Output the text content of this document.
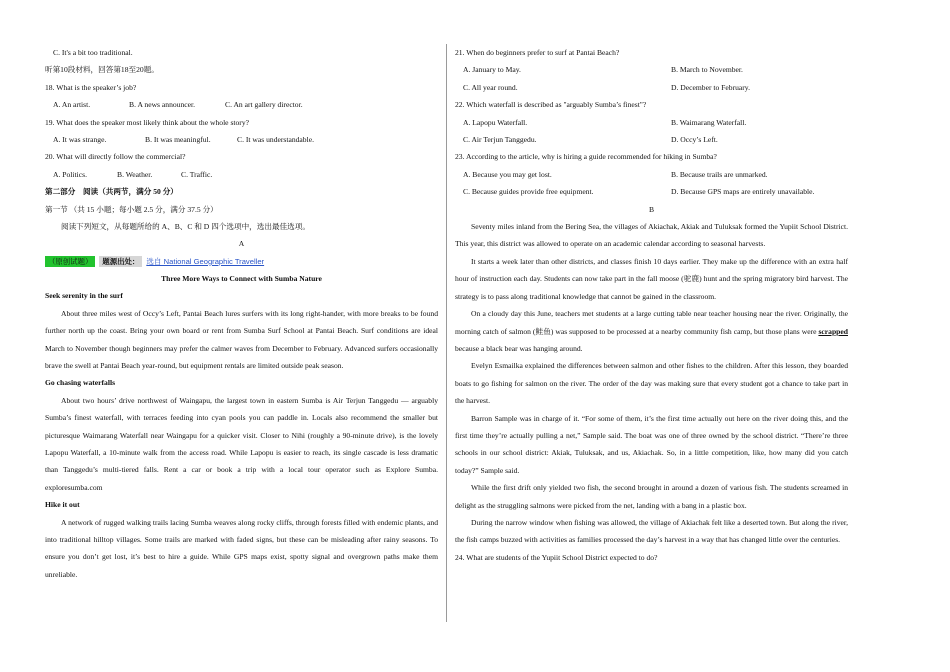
C. It's a bit too traditional.
听第10段材料，回答第18至20题。
18. What is the speaker’s job?
A. An artist.	B. A news announcer.	C. An art gallery director.
19. What does the speaker most likely think about the whole story?
A. It was strange.	B. It was meaningful.	C. It was understandable.
20. What will directly follow the commercial?
A. Politics.	B. Weather.	C. Traffic.
第二部分　阅读（共两节，满分 50 分）
第一节 （共 15 小题；每小题 2.5 分，满分 37.5 分）
阅读下列短文，从每题所给的 A、B、C 和 D 四个选项中，选出最佳选项。
A
（原创试题）	题源出处： 选自 National Geographic Traveller
Three More Ways to Connect with Sumba Nature
Seek serenity in the surf
About three miles west of Occy’s Left, Pantai Beach lures surfers with its long right-hander, with more breaks to be found further north up the coast. Bring your own board or rent from Sumba Surf School at Pantai Beach. Surf conditions are ideal March to November though beginners may prefer the calmer waves from December to February. Advanced surfers occasionally brave the swell at Pantai Beach year-round, but equipment rentals are limited outside peak season.
Go chasing waterfalls
About two hours’ drive northwest of Waingapu, the largest town in eastern Sumba is Air Terjun Tanggedu — arguably Sumba’s finest waterfall, with terraces feeding into cyan pools you can paddle in. Locals also recommend the smaller but picturesque Waimarang Waterfall near Waingapu for a quicker visit. Closer to Nihi (roughly a 90-minute drive), is the lovely Lapopu Waterfall, a 10-minute walk from the access road. While Lapopu is easier to reach, its single cascade is less dramatic than Tanggedu’s multi-tiered falls. Rent a car or book a trip with a local tour operator such as Explore Sumba. exploresumba.com
Hike it out
A network of rugged walking trails lacing Sumba weaves along rocky cliffs, through forests filled with endemic plants, and into traditional hilltop villages. Some trails are marked with faded signs, but these can be misleading after rainy seasons. To ensure you don’t get lost, it’s best to hire a guide. While GPS maps exist, spotty signal and overgrown paths make them unreliable.
21. When do beginners prefer to surf at Pantai Beach?
A. January to May.	B. March to November.
C. All year round.	D. December to February.
22. Which waterfall is described as "arguably Sumba’s finest"?
A. Lapopu Waterfall.	B. Waimarang Waterfall.
C. Air Terjun Tanggedu.	D. Occy’s Left.
23. According to the article, why is hiring a guide recommended for hiking in Sumba?
A. Because you may get lost.	B. Because trails are unmarked.
C. Because guides provide free equipment.	D. Because GPS maps are entirely unavailable.
B
Seventy miles inland from the Bering Sea, the villages of Akiachak, Akiak and Tuluksak formed the Yupiit School District. This year, this district was allowed to operate on an academic calendar according to seasonal harvests.
It starts a week later than other districts, and classes finish 10 days earlier. They make up the difference with an extra half hour of instruction each day. Students can now take part in the fall moose (驼鹿) hunt and the spring migratory bird harvest. The strategy is to pass along traditional knowledge that cannot be gained in the classroom.
On a cloudy day this June, teachers met students at a large cutting table near teacher housing near the river. Originally, the morning catch of salmon (鲑鱼) was supposed to be processed at a nearby community fish camp, but those plans were scrapped because a black bear was hanging around.
Evelyn Esmailka explained the differences between salmon and other fishes to the children. After this lesson, they boarded boats to go fishing for salmon on the river. The order of the day was making sure that every student got a chance to take part in the harvest.
Barron Sample was in charge of it. “For some of them, it’s the first time actually out here on the river doing this, and the first time they’re actually pulling a net,” Sample said. The boat was one of three owned by the school district. “There’re three schools in our school district: Akiak, Tuluksak, and us, Akiachak. So, in a little competition, like, how many did you catch today?” Sample said.
While the first drift only yielded two fish, the second brought in around a dozen of various fish. The students screamed in delight as the struggling salmons were picked from the net, landing with a bang in a plastic box.
During the narrow window when fishing was allowed, the village of Akiachak felt like a deserted town. But along the river, the fish camps buzzed with activities as families processed the day’s harvest in a way that has changed little over the centuries.
24. What are students of the Yupiit School District expected to do?
